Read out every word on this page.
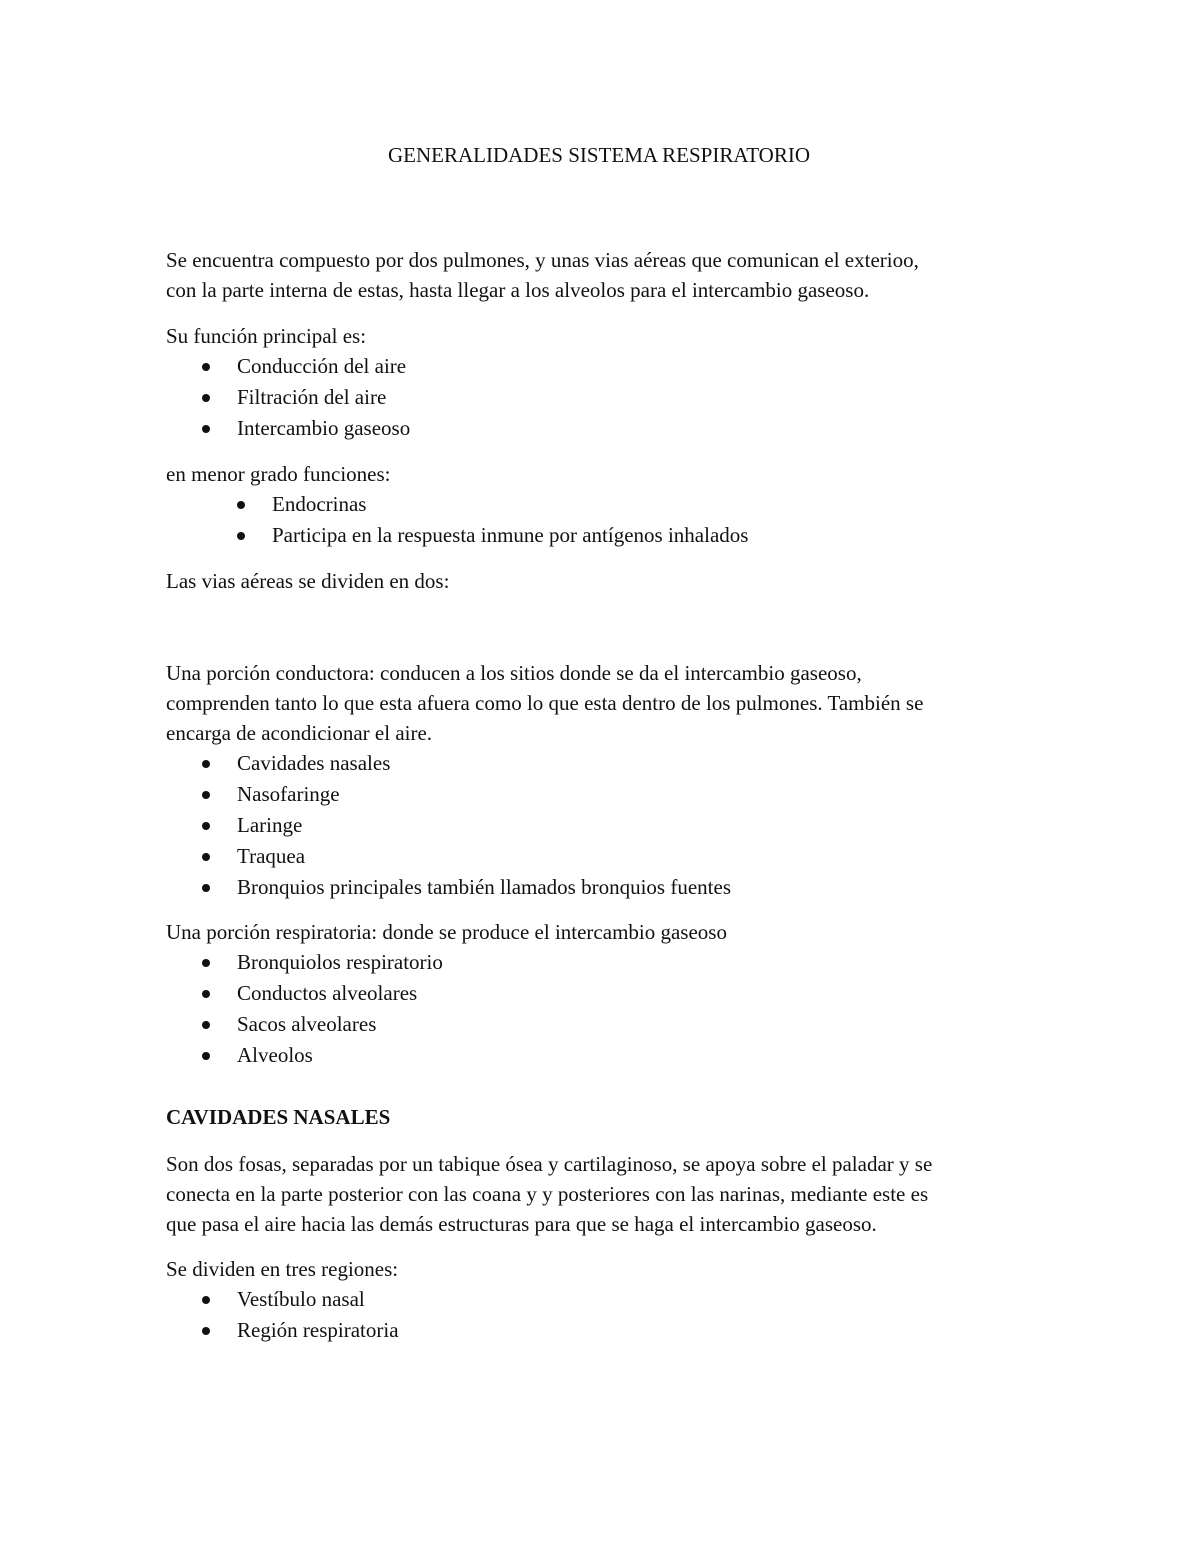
GENERALIDADES SISTEMA RESPIRATORIO

Se encuentra compuesto por dos pulmones, y unas vias aéreas que comunican el exterioo,
con la parte interna de estas, hasta llegar a los alveolos para el intercambio gaseoso.

Su función principal es:

Conducción del aire
Filtración del aire
Intercambio gaseoso

en menor grado funciones:

Endocrinas
Participa en la respuesta inmune por antígenos inhalados

Las vias aéreas se dividen en dos:

Una porción conductora: conducen a los sitios donde se da el intercambio gaseoso,
comprenden tanto lo que esta afuera como lo que esta dentro de los pulmones. También se
encarga de acondicionar el aire.

Cavidades nasales
Nasofaringe
Laringe
Traquea
Bronquios principales también llamados bronquios fuentes

Una porción respiratoria: donde se produce el intercambio gaseoso

Bronquiolos respiratorio
Conductos alveolares
Sacos alveolares
Alveolos
CAVIDADES NASALES

Son dos fosas, separadas por un tabique ósea y cartilaginoso, se apoya sobre el paladar y se
conecta en la parte posterior con las coana y y posteriores con las narinas, mediante este es
que pasa el aire hacia las demás estructuras para que se haga el intercambio gaseoso.

Se dividen en tres regiones:

Vestíbulo nasal
Región respiratoria
